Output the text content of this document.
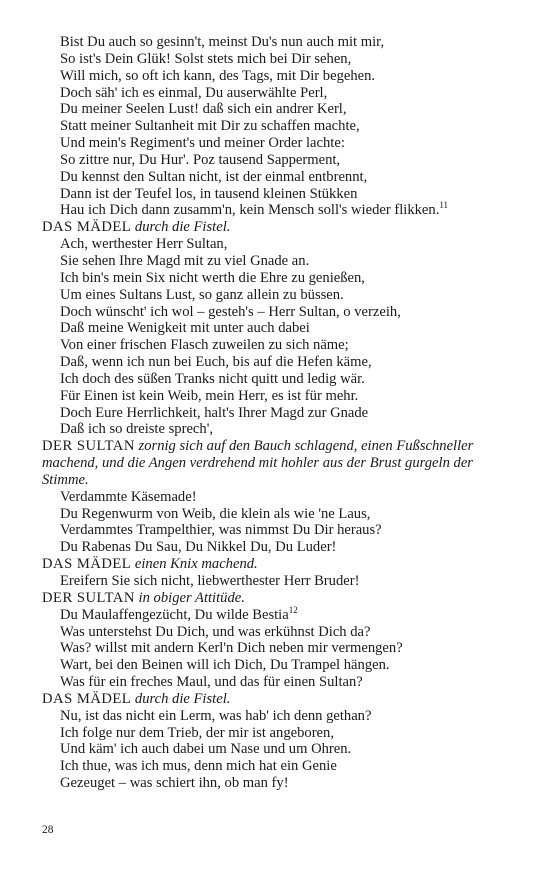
Bist Du auch so gesinn't, meinst Du's nun auch mit mir,
So ist's Dein Glük! Solst stets mich bei Dir sehen,
Will mich, so oft ich kann, des Tags, mit Dir begehen.
Doch säh' ich es einmal, Du auserwählte Perl,
Du meiner Seelen Lust! daß sich ein andrer Kerl,
Statt meiner Sultanheit mit Dir zu schaffen machte,
Und mein's Regiment's und meiner Order lachte:
So zittre nur, Du Hur'. Poz tausend Sapperment,
Du kennst den Sultan nicht, ist der einmal entbrennt,
Dann ist der Teufel los, in tausend kleinen Stükken
Hau ich Dich dann zusamm'n, kein Mensch soll's wieder flikken.$^{11}$
DAS MÄDEL durch die Fistel.
Ach, werthester Herr Sultan,
Sie sehen Ihre Magd mit zu viel Gnade an.
Ich bin's mein Six nicht werth die Ehre zu genießen,
Um eines Sultans Lust, so ganz allein zu büssen.
Doch wünscht' ich wol – gesteh's – Herr Sultan, o verzeih,
Daß meine Wenigkeit mit unter auch dabei
Von einer frischen Flasch zuweilen zu sich näme;
Daß, wenn ich nun bei Euch, bis auf die Hefen käme,
Ich doch des süßen Tranks nicht quitt und ledig wär.
Für Einen ist kein Weib, mein Herr, es ist für mehr.
Doch Eure Herrlichkeit, halt's Ihrer Magd zur Gnade
Daß ich so dreiste sprech',
DER SULTAN zornig sich auf den Bauch schlagend, einen Fußschneller machend, und die Angen verdrehend mit hohler aus der Brust gurgeln der Stimme.
Verdammte Käsemade!
Du Regenwurm von Weib, die klein als wie 'ne Laus,
Verdammtes Trampelthier, was nimmst Du Dir heraus?
Du Rabenas Du Sau, Du Nikkel Du, Du Luder!
DAS MÄDEL einen Knix machend.
Ereifern Sie sich nicht, liebwerthester Herr Bruder!
DER SULTAN in obiger Attitüde.
Du Maulaffengezücht, Du wilde Bestia$^{12}$
Was unterstehst Du Dich, und was erkühnst Dich da?
Was? willst mit andern Kerl'n Dich neben mir vermengen?
Wart, bei den Beinen will ich Dich, Du Trampel hängen.
Was für ein freches Maul, und das für einen Sultan?
DAS MÄDEL durch die Fistel.
Nu, ist das nicht ein Lerm, was hab' ich denn gethan?
Ich folge nur dem Trieb, der mir ist angeboren,
Und käm' ich auch dabei um Nase und um Ohren.
Ich thue, was ich mus, denn mich hat ein Genie
Gezeuget – was schiert ihn, ob man fy!
28
